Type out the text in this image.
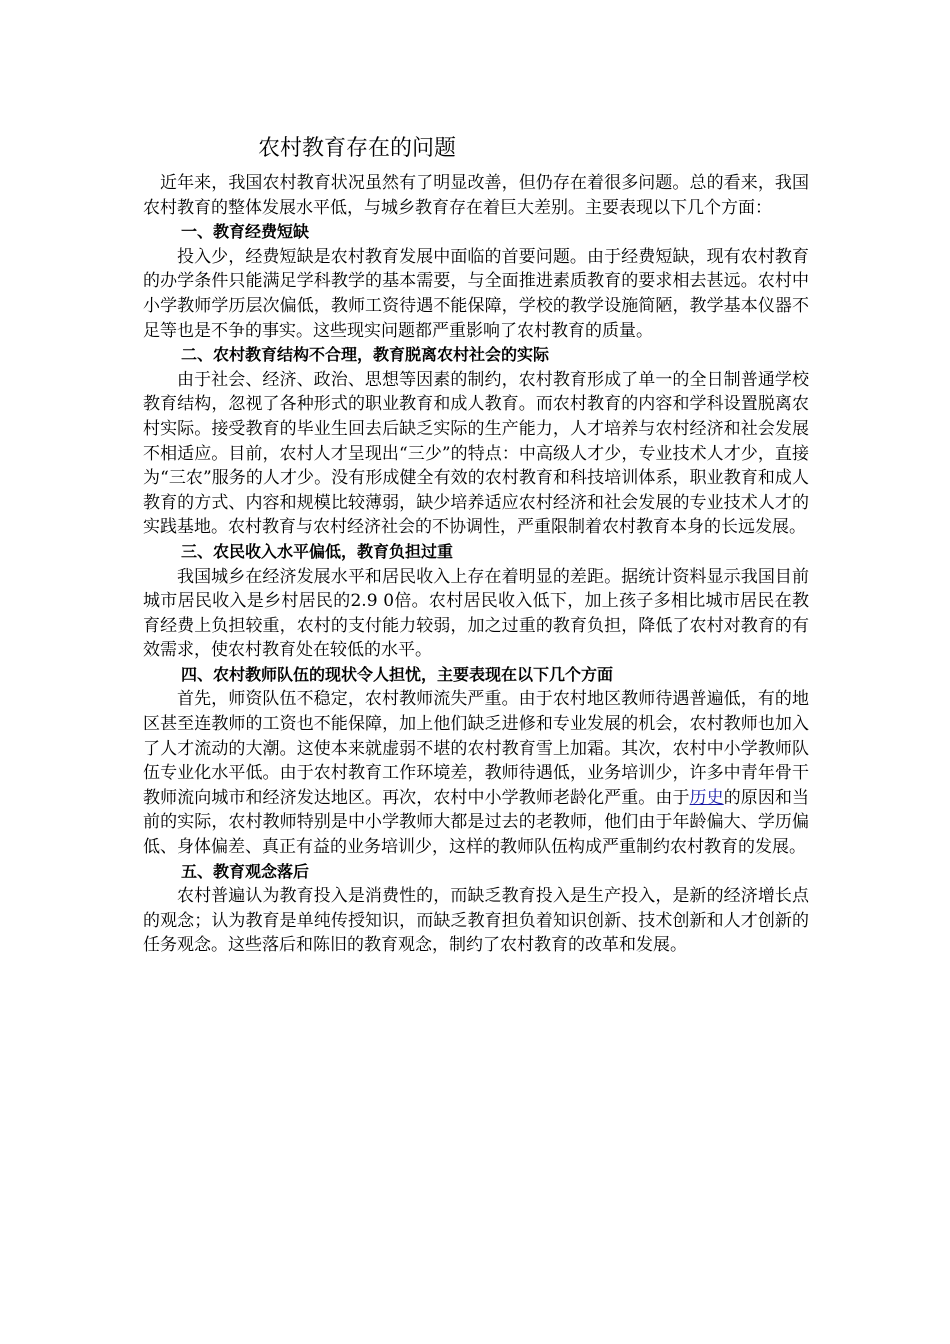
农村教育存在的问题

近年来，我国农村教育状况虽然有了明显改善，但仍存在着很多问题。总的看来，我国农村教育的整体发展水平低，与城乡教育存在着巨大差别。主要表现以下几个方面：

一、教育经费短缺

投入少，经费短缺是农村教育发展中面临的首要问题。由于经费短缺，现有农村教育的办学条件只能满足学科教学的基本需要，与全面推进素质教育的要求相去甚远。农村中小学教师学历层次偏低，教师工资待遇不能保障，学校的教学设施简陋，教学基本仪器不足等也是不争的事实。这些现实问题都严重影响了农村教育的质量。

二、农村教育结构不合理，教育脱离农村社会的实际

由于社会、经济、政治、思想等因素的制约，农村教育形成了单一的全日制普通学校教育结构，忽视了各种形式的职业教育和成人教育。而农村教育的内容和学科设置脱离农村实际。接受教育的毕业生回去后缺乏实际的生产能力，人才培养与农村经济和社会发展不相适应。目前，农村人才呈现出“三少”的特点：中高级人才少，专业技术人才少，直接为“三农”服务的人才少。没有形成健全有效的农村教育和科技培训体系，职业教育和成人教育的方式、内容和规模比较薄弱，缺少培养适应农村经济和社会发展的专业技术人才的实践基地。农村教育与农村经济社会的不协调性，严重限制着农村教育本身的长远发展。

三、农民收入水平偏低，教育负担过重

我国城乡在经济发展水平和居民收入上存在着明显的差距。据统计资料显示我国目前城市居民收入是乡村居民的2.9 0倍。农村居民收入低下，加上孩子多相比城市居民在教育经费上负担较重，农村的支付能力较弱，加之过重的教育负担，降低了农村对教育的有效需求，使农村教育处在较低的水平。

四、农村教师队伍的现状令人担忧，主要表现在以下几个方面

首先，师资队伍不稳定，农村教师流失严重。由于农村地区教师待遇普遍低，有的地区甚至连教师的工资也不能保障，加上他们缺乏进修和专业发展的机会，农村教师也加入了人才流动的大潮。这使本来就虚弱不堪的农村教育雪上加霜。其次，农村中小学教师队伍专业化水平低。由于农村教育工作环境差，教师待遇低，业务培训少，许多中青年骨干教师流向城市和经济发达地区。再次，农村中小学教师老龄化严重。由于历史的原因和当前的实际，农村教师特别是中小学教师大都是过去的老教师，他们由于年龄偏大、学历偏低、身体偏差、真正有益的业务培训少，这样的教师队伍构成严重制约农村教育的发展。

五、教育观念落后

农村普遍认为教育投入是消费性的，而缺乏教育投入是生产投入，是新的经济增长点的观念；认为教育是单纯传授知识，而缺乏教育担负着知识创新、技术创新和人才创新的任务观念。这些落后和陈旧的教育观念，制约了农村教育的改革和发展。
